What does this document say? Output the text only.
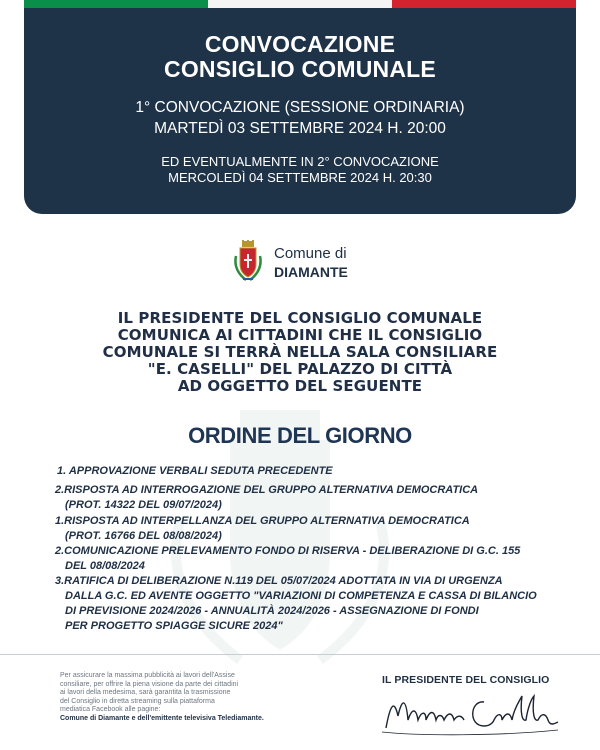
CONVOCAZIONE
CONSIGLIO COMUNALE
1° CONVOCAZIONE (SESSIONE ORDINARIA)
MARTEDÌ 03 SETTEMBRE 2024 H. 20:00
ED EVENTUALMENTE IN 2° CONVOCAZIONE
MERCOLEDÌ 04 SETTEMBRE 2024 H. 20:30
Comune di
DIAMANTE
IL PRESIDENTE DEL CONSIGLIO COMUNALE
COMUNICA AI CITTADINI CHE IL CONSIGLIO
COMUNALE SI TERRÀ NELLA SALA CONSILIARE
"E. CASELLI" DEL PALAZZO DI CITTÀ
AD OGGETTO DEL SEGUENTE
ORDINE DEL GIORNO
1. APPROVAZIONE VERBALI SEDUTA PRECEDENTE
2.RISPOSTA AD INTERROGAZIONE DEL GRUPPO ALTERNATIVA DEMOCRATICA
(PROT. 14322 DEL 09/07/2024)
1.RISPOSTA AD INTERPELLANZA DEL GRUPPO ALTERNATIVA DEMOCRATICA
(PROT. 16766 DEL 08/08/2024)
2.COMUNICAZIONE PRELEVAMENTO FONDO DI RISERVA - DELIBERAZIONE DI G.C. 155
DEL 08/08/2024
3.RATIFICA DI DELIBERAZIONE N.119 DEL 05/07/2024 ADOTTATA IN VIA DI URGENZA
DALLA G.C. ED AVENTE OGGETTO "VARIAZIONI DI COMPETENZA E CASSA DI BILANCIO
DI PREVISIONE 2024/2026 - ANNUALITÀ 2024/2026 - ASSEGNAZIONE DI FONDI
PER PROGETTO SPIAGGE SICURE 2024"
Per assicurare la massima pubblicità ai lavori dell'Assise
consiliare, per offrire la piena visione da parte dei cittadini
ai lavori della medesima, sarà garantita la trasmissione
del Consiglio in diretta streaming sulla piattaforma
mediatica Facebook alle pagine:
Comune di Diamante e dell'emittente televisiva Telediamante.
IL PRESIDENTE DEL CONSIGLIO
